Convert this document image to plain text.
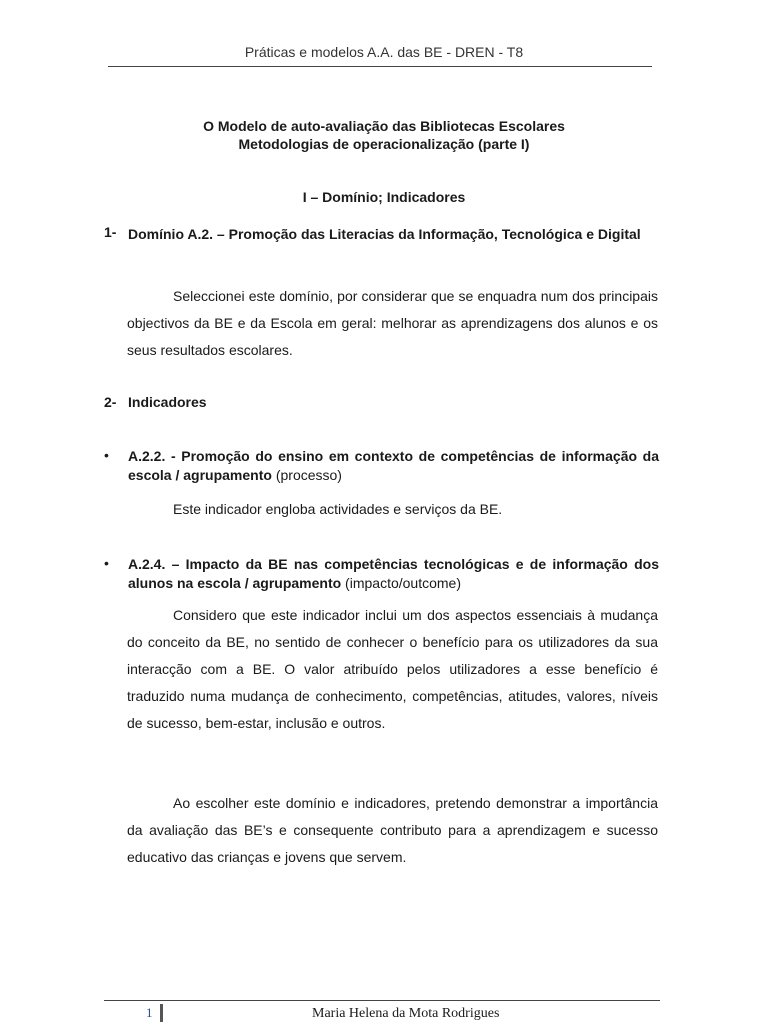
Práticas e modelos A.A. das BE - DREN - T8
O Modelo de auto-avaliação das Bibliotecas Escolares
Metodologias de operacionalização (parte I)
I – Domínio; Indicadores
1- Domínio A.2. – Promoção das Literacias da Informação, Tecnológica e Digital

Seleccionei este domínio, por considerar que se enquadra num dos principais objectivos da BE e da Escola em geral: melhorar as aprendizagens dos alunos e os seus resultados escolares.

2- Indicadores
• A.2.2. - Promoção do ensino em contexto de competências de informação da escola / agrupamento (processo)

Este indicador engloba actividades e serviços da BE.

• A.2.4. – Impacto da BE nas competências tecnológicas e de informação dos alunos na escola / agrupamento (impacto/outcome)

Considero que este indicador inclui um dos aspectos essenciais à mudança do conceito da BE, no sentido de conhecer o benefício para os utilizadores da sua interacção com a BE. O valor atribuído pelos utilizadores a esse benefício é traduzido numa mudança de conhecimento, competências, atitudes, valores, níveis de sucesso, bem-estar, inclusão e outros.

Ao escolher este domínio e indicadores, pretendo demonstrar a importância da avaliação das BE’s e consequente contributo para a aprendizagem e sucesso educativo das crianças e jovens que servem.

1	Maria Helena da Mota Rodrigues
